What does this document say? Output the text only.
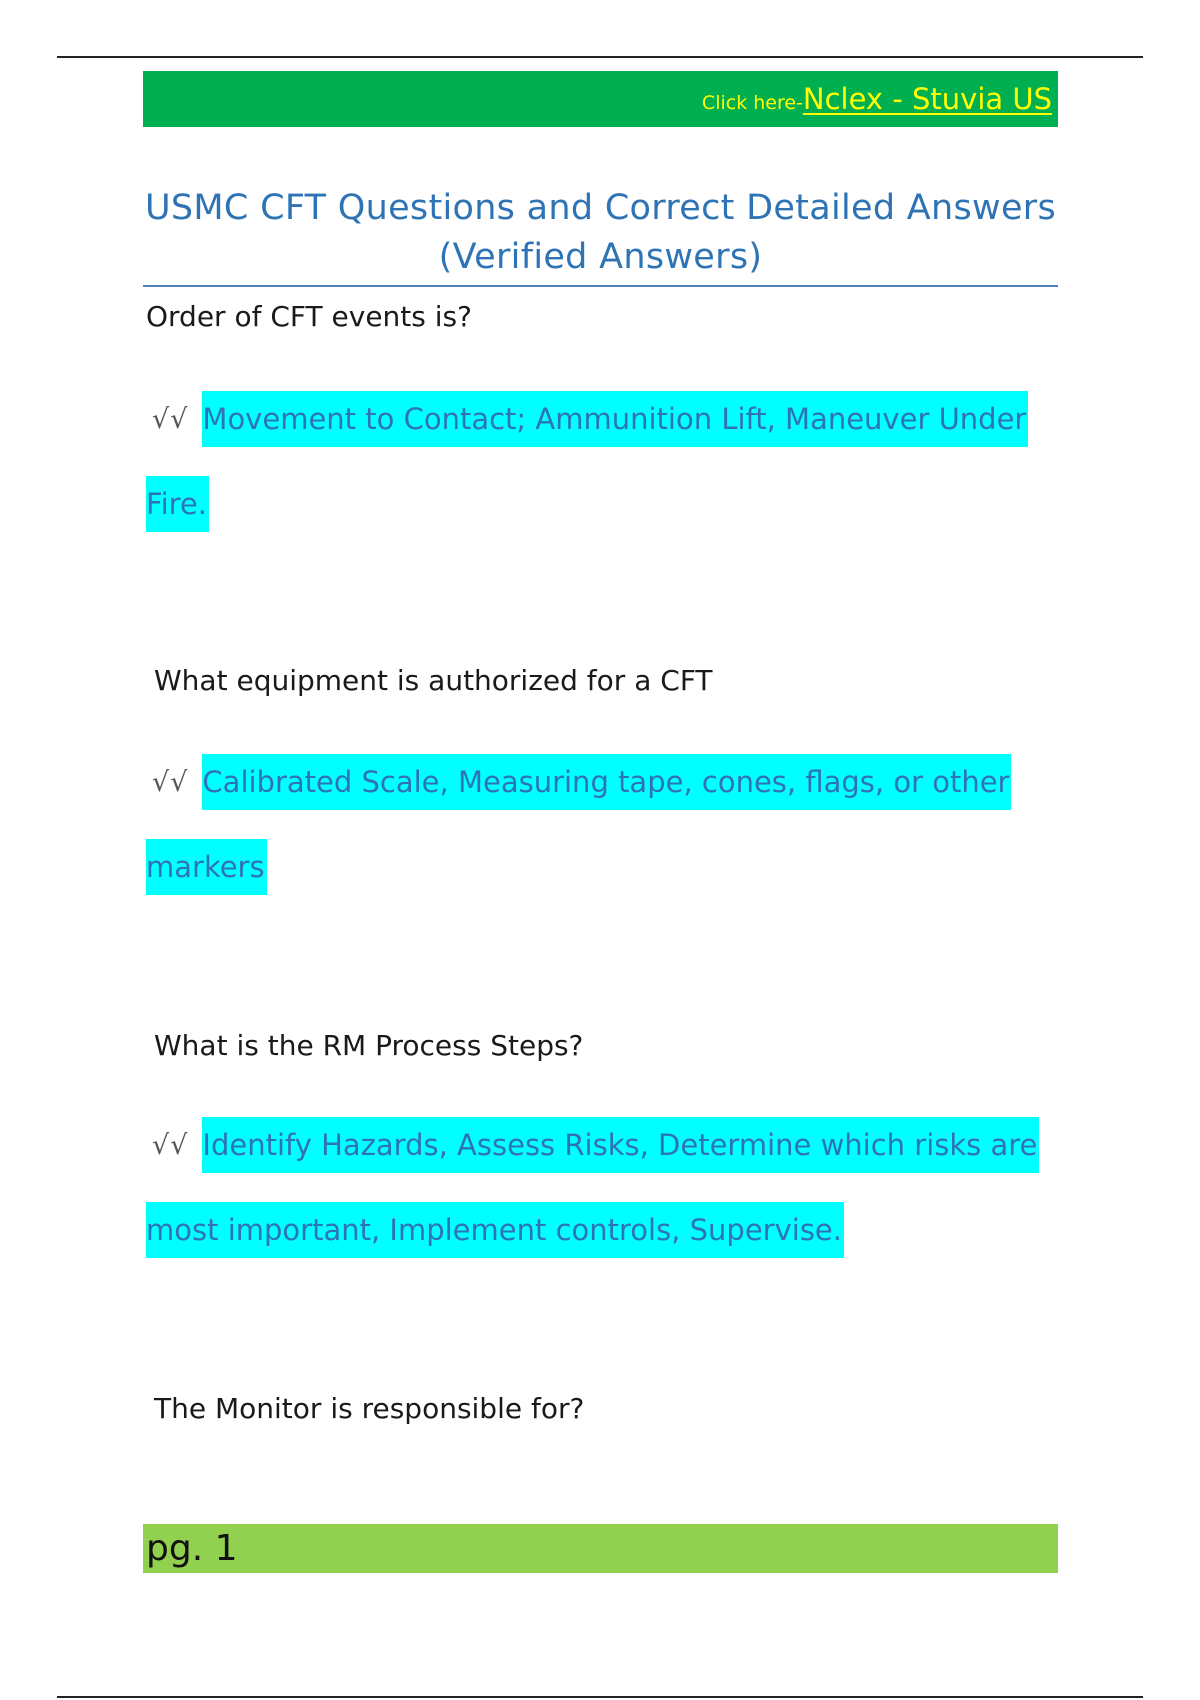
Click here- Nclex - Stuvia US
USMC CFT Questions and Correct Detailed Answers
(Verified Answers)

Order of CFT events is?

√√ Movement to Contact; Ammunition Lift, Maneuver Under
Fire.

What equipment is authorized for a CFT

√√ Calibrated Scale, Measuring tape, cones, flags, or other
markers

What is the RM Process Steps?

√√ Identify Hazards, Assess Risks, Determine which risks are
most important, Implement controls, Supervise.

The Monitor is responsible for?

pg. 1
